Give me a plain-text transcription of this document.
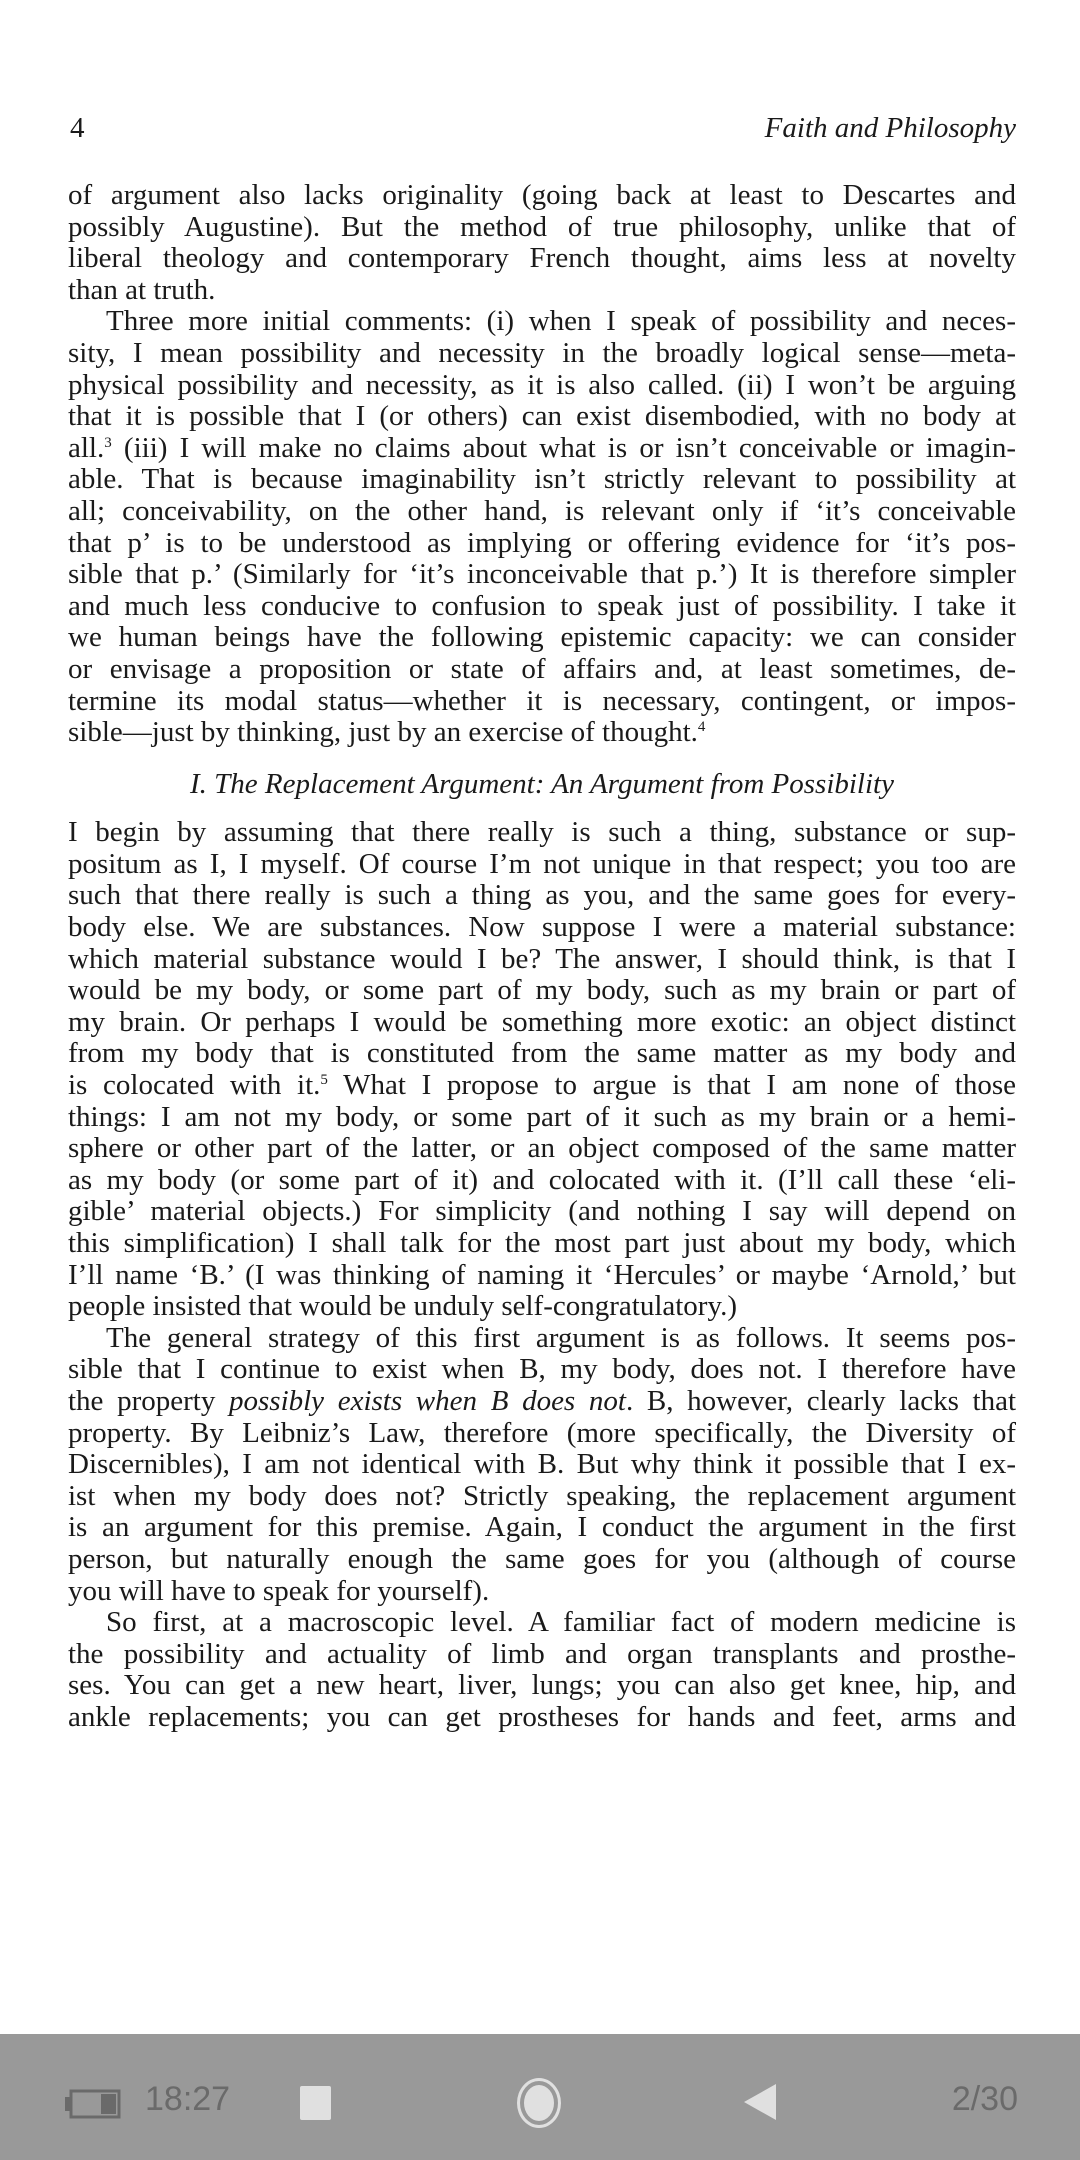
4	Faith and Philosophy
of argument also lacks originality (going back at least to Descartes and
possibly Augustine). But the method of true philosophy, unlike that of
liberal theology and contemporary French thought, aims less at novelty
than at truth.
Three more initial comments: (i) when I speak of possibility and neces-
sity, I mean possibility and necessity in the broadly logical sense—meta-
physical possibility and necessity, as it is also called. (ii) I won’t be arguing
that it is possible that I (or others) can exist disembodied, with no body at
all.$^3$ (iii) I will make no claims about what is or isn’t conceivable or imagin-
able. That is because imaginability isn’t strictly relevant to possibility at
all; conceivability, on the other hand, is relevant only if ‘it’s conceivable
that p’ is to be understood as implying or offering evidence for ‘it’s pos-
sible that p.’ (Similarly for ‘it’s inconceivable that p.’) It is therefore simpler
and much less conducive to confusion to speak just of possibility. I take it
we human beings have the following epistemic capacity: we can consider
or envisage a proposition or state of affairs and, at least sometimes, de-
termine its modal status—whether it is necessary, contingent, or impos-
sible—just by thinking, just by an exercise of thought.$^4$
I. The Replacement Argument: An Argument from Possibility
I begin by assuming that there really is such a thing, substance or sup-
positum as I, I myself. Of course I’m not unique in that respect; you too are
such that there really is such a thing as you, and the same goes for every-
body else. We are substances. Now suppose I were a material substance:
which material substance would I be? The answer, I should think, is that I
would be my body, or some part of my body, such as my brain or part of
my brain. Or perhaps I would be something more exotic: an object distinct
from my body that is constituted from the same matter as my body and
is colocated with it.$^5$ What I propose to argue is that I am none of those
things: I am not my body, or some part of it such as my brain or a hemi-
sphere or other part of the latter, or an object composed of the same matter
as my body (or some part of it) and colocated with it. (I’ll call these ‘eli-
gible’ material objects.) For simplicity (and nothing I say will depend on
this simplification) I shall talk for the most part just about my body, which
I’ll name ‘B.’ (I was thinking of naming it ‘Hercules’ or maybe ‘Arnold,’ but
people insisted that would be unduly self-congratulatory.)
The general strategy of this first argument is as follows. It seems pos-
sible that I continue to exist when B, my body, does not. I therefore have
the property possibly exists when B does not. B, however, clearly lacks that
property. By Leibniz’s Law, therefore (more specifically, the Diversity of
Discernibles), I am not identical with B. But why think it possible that I ex-
ist when my body does not? Strictly speaking, the replacement argument
is an argument for this premise. Again, I conduct the argument in the first
person, but naturally enough the same goes for you (although of course
you will have to speak for yourself).
So first, at a macroscopic level. A familiar fact of modern medicine is
the possibility and actuality of limb and organ transplants and prosthe-
ses. You can get a new heart, liver, lungs; you can also get knee, hip, and
ankle replacements; you can get prostheses for hands and feet, arms and
18:27	2/30
